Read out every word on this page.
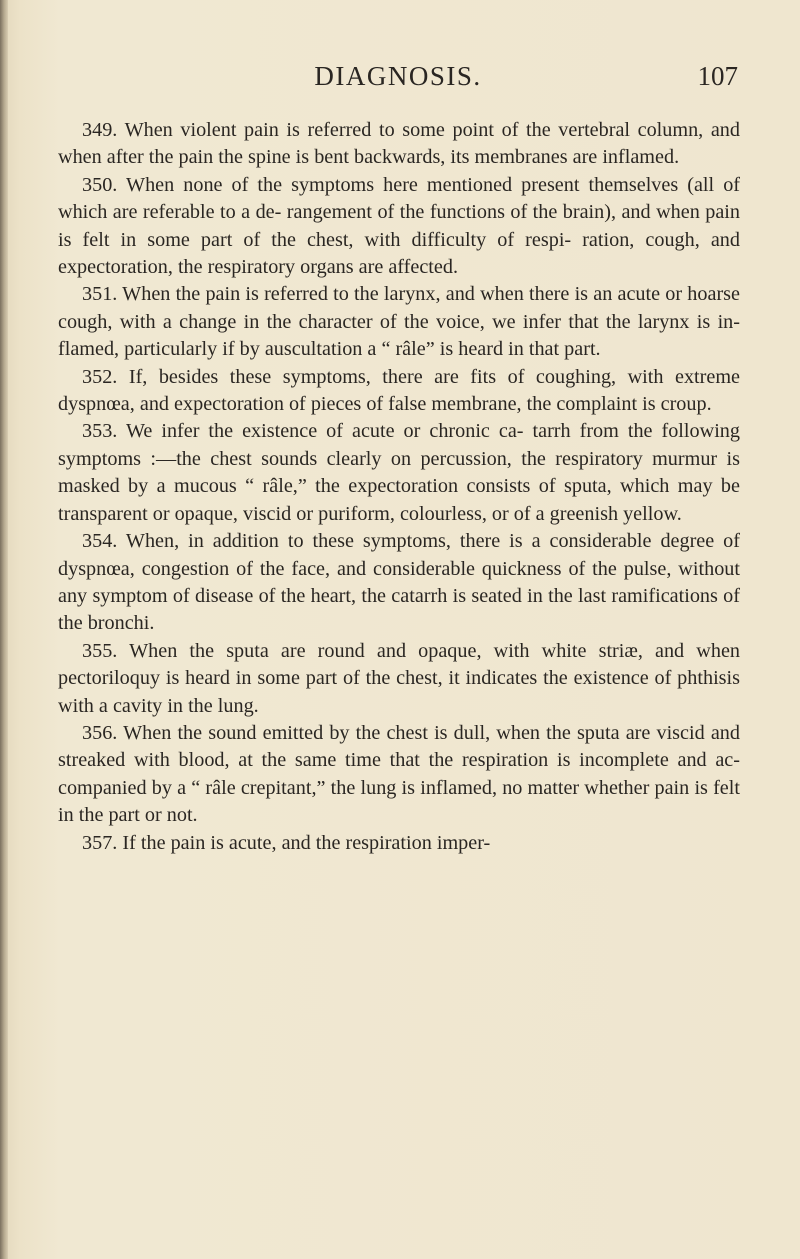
DIAGNOSIS.	107

349. When violent pain is referred to some point of the vertebral column, and when after the pain the spine is bent backwards, its membranes are inflamed.

350. When none of the symptoms here mentioned present themselves (all of which are referable to a de- rangement of the functions of the brain), and when pain is felt in some part of the chest, with difficulty of respi- ration, cough, and expectoration, the respiratory organs are affected.

351. When the pain is referred to the larynx, and when there is an acute or hoarse cough, with a change in the character of the voice, we infer that the larynx is in- flamed, particularly if by auscultation a “ râle” is heard in that part.

352. If, besides these symptoms, there are fits of coughing, with extreme dyspnœa, and expectoration of pieces of false membrane, the complaint is croup.

353. We infer the existence of acute or chronic ca- tarrh from the following symptoms :—the chest sounds clearly on percussion, the respiratory murmur is masked by a mucous “ râle,” the expectoration consists of sputa, which may be transparent or opaque, viscid or puriform, colourless, or of a greenish yellow.

354. When, in addition to these symptoms, there is a considerable degree of dyspnœa, congestion of the face, and considerable quickness of the pulse, without any symptom of disease of the heart, the catarrh is seated in the last ramifications of the bronchi.

355. When the sputa are round and opaque, with white striæ, and when pectoriloquy is heard in some part of the chest, it indicates the existence of phthisis with a cavity in the lung.

356. When the sound emitted by the chest is dull, when the sputa are viscid and streaked with blood, at the same time that the respiration is incomplete and ac- companied by a “ râle crepitant,” the lung is inflamed, no matter whether pain is felt in the part or not.

357. If the pain is acute, and the respiration imper-
